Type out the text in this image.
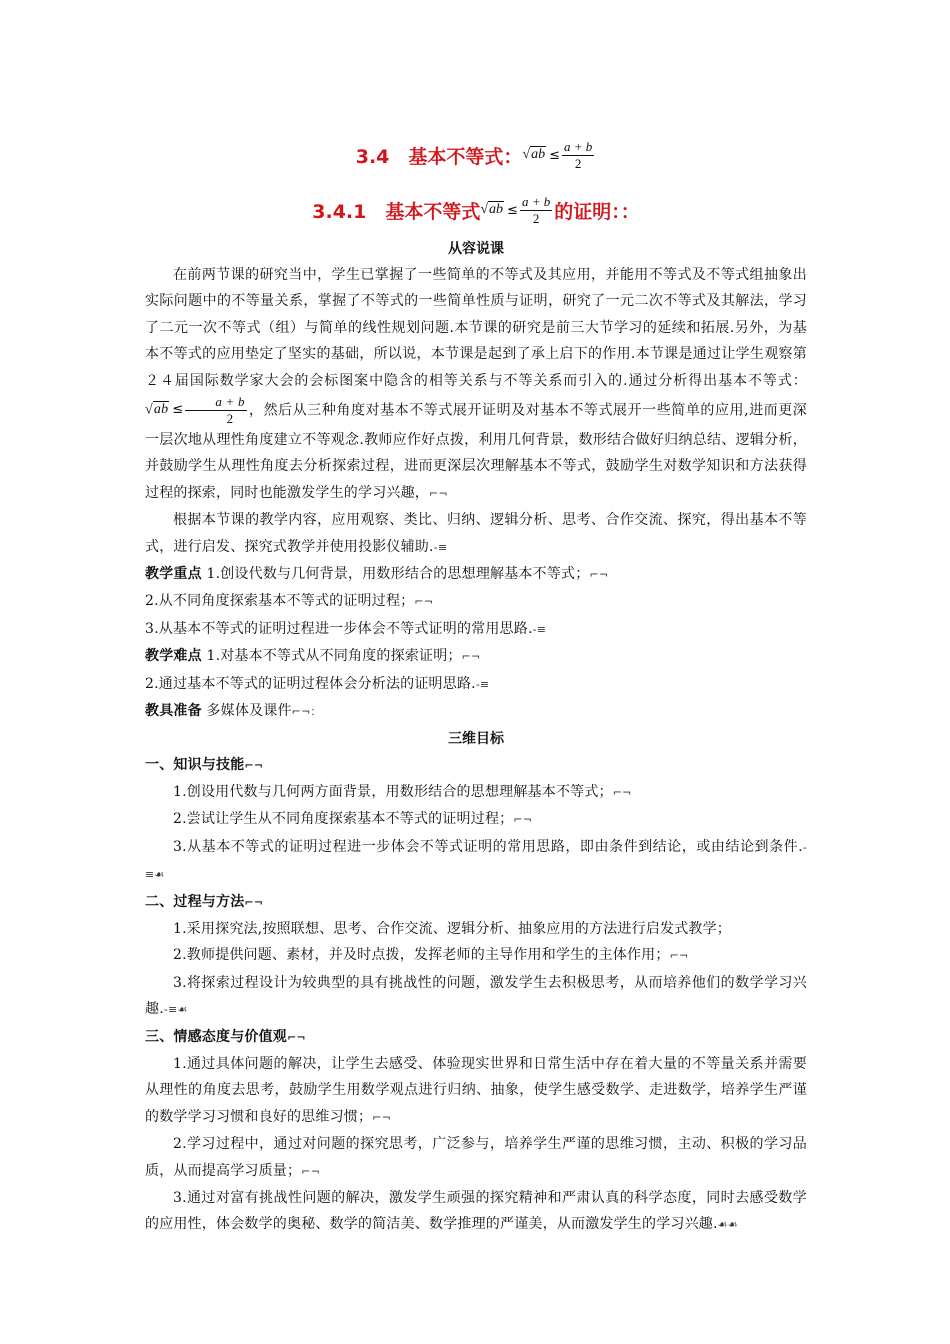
3.4　基本不等式： $√ab \le \frac{a + b}{2}$
3.4.1　基本不等式 $√ab \le \frac{a + b}{2}$ 的证明：：
从容说课

在前两节课的研究当中，学生已掌握了一些简单的不等式及其应用，并能用不等式及不等式组抽象出实际问题中的不等量关系，掌握了不等式的一些简单性质与证明，研究了一元二次不等式及其解法，学习了二元一次不等式（组）与简单的线性规划问题.本节课的研究是前三大节学习的延续和拓展.另外，为基本不等式的应用垫定了坚实的基础，所以说，本节课是起到了承上启下的作用.本节课是通过让学生观察第２４届国际数学家大会的会标图案中隐含的相等关系与不等关系而引入的.通过分析得出基本不等式：$√ab \le \frac{a + b}{2}$ ，然后从三种角度对基本不等式展开证明及对基本不等式展开一些简单的应用,进而更深一层次地从理性角度建立不等观念.教师应作好点拨，利用几何背景，数形结合做好归纳总结、逻辑分析，并鼓励学生从理性角度去分析探索过程，进而更深层次理解基本不等式，鼓励学生对数学知识和方法获得过程的探索，同时也能激发学生的学习兴趣，⌐¬

根据本节课的教学内容，应用观察、类比、归纳、逻辑分析、思考、合作交流、探究，得出基本不等式，进行启发、探究式教学并使用投影仪辅助.-≡

教学重点 1.创设代数与几何背景，用数形结合的思想理解基本不等式；⌐¬

2.从不同角度探索基本不等式的证明过程；⌐¬

3.从基本不等式的证明过程进一步体会不等式证明的常用思路.-≡

教学难点 1.对基本不等式从不同角度的探索证明；⌐¬

2.通过基本不等式的证明过程体会分析法的证明思路.-≡

教具准备 多媒体及课件⌐¬：

三维目标

一、知识与技能⌐¬

1.创设用代数与几何两方面背景，用数形结合的思想理解基本不等式；⌐¬

2.尝试让学生从不同角度探索基本不等式的证明过程；⌐¬

3.从基本不等式的证明过程进一步体会不等式证明的常用思路，即由条件到结论，或由结论到条件.-≡☙

二、过程与方法⌐¬

1.采用探究法,按照联想、思考、合作交流、逻辑分析、抽象应用的方法进行启发式教学；

2.教师提供问题、素材，并及时点拨，发挥老师的主导作用和学生的主体作用；⌐¬

3.将探索过程设计为较典型的具有挑战性的问题，激发学生去积极思考，从而培养他们的数学学习兴趣.-≡☙

三、情感态度与价值观⌐¬

1.通过具体问题的解决，让学生去感受、体验现实世界和日常生活中存在着大量的不等量关系并需要从理性的角度去思考，鼓励学生用数学观点进行归纳、抽象，使学生感受数学、走进数学，培养学生严谨的数学学习习惯和良好的思维习惯；⌐¬

2.学习过程中，通过对问题的探究思考，广泛参与，培养学生严谨的思维习惯，主动、积极的学习品质，从而提高学习质量；⌐¬

3.通过对富有挑战性问题的解决，激发学生顽强的探究精神和严肃认真的科学态度，同时去感受数学的应用性，体会数学的奥秘、数学的简洁美、数学推理的严谨美，从而激发学生的学习兴趣.☙☙
